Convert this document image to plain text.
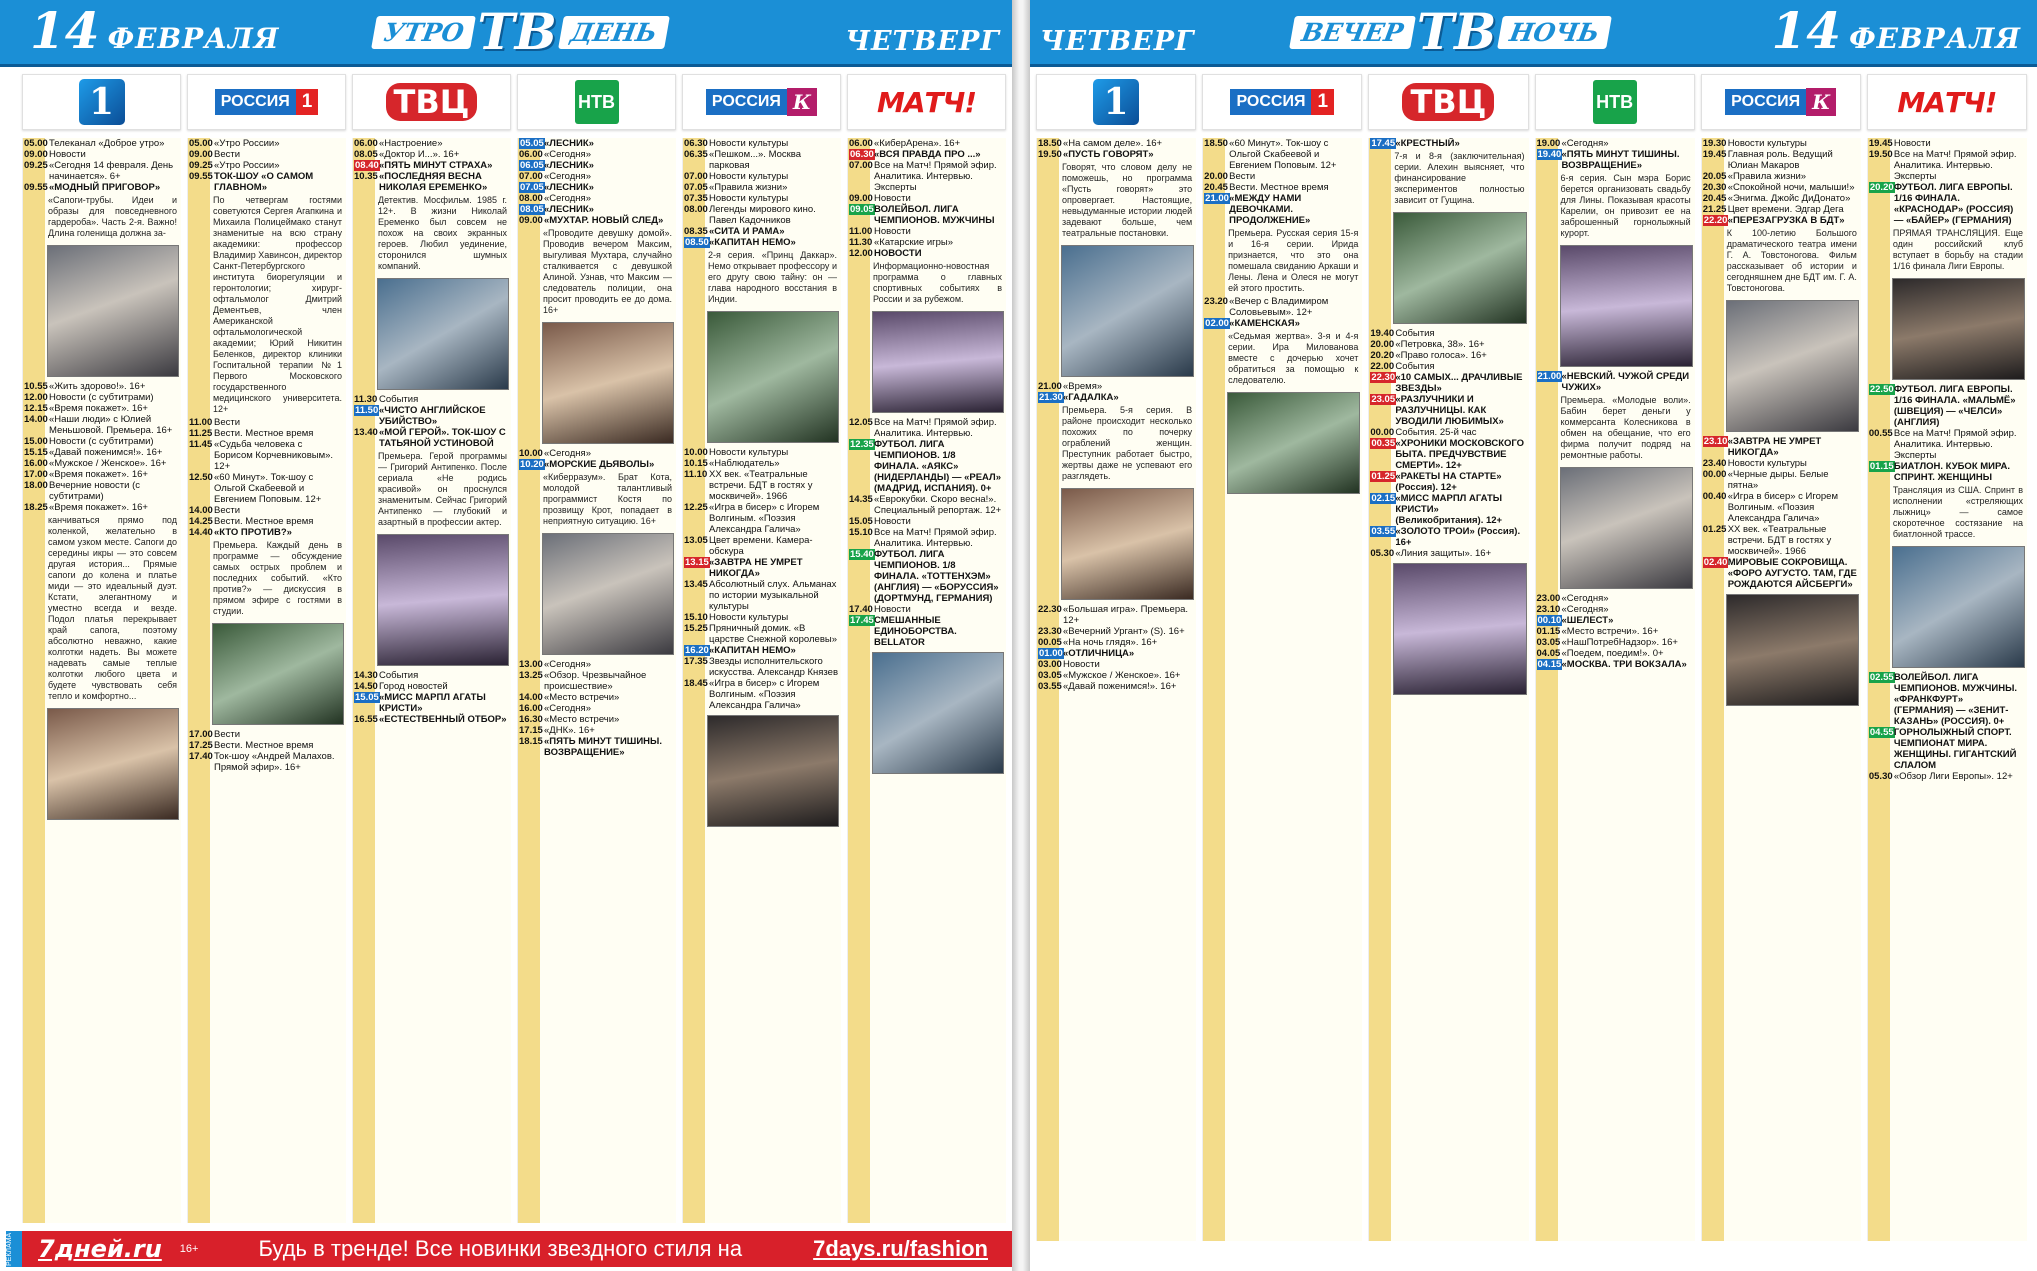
14 ФЕВРАЛЯ	УТРО TB ДЕНЬ	ЧЕТВЕРГ
1	РОССИЯ 1	ТВЦ	НТВ	РОССИЯ К МАТЧ!
05.00 Телеканал «Доброе утро»
09.00 Новости
09.25 «Сегодня 14 февраля. День начинается». 6+
09.55 «МОДНЫЙ ПРИГОВОР»
«Сапоги-трубы. Идеи и образы для повседневного гардероба». Часть 2-я. Важно! Длина голенища должна за-
10.55 «Жить здорово!». 16+
12.00 Новости (с субтитрами)
12.15 «Время покажет». 16+
14.00 «Наши люди» с Юлией Меньшовой. Премьера. 16+
15.00 Новости (с субтитрами)
15.15 «Давай поженимся!». 16+
16.00 «Мужское / Женское». 16+
17.00 «Время покажет». 16+
18.00 Вечерние новости (с субтитрами)
18.25 «Время покажет». 16+
канчиваться прямо под коленкой, желательно в самом узком месте. Сапоги до середины икры — это совсем другая история... Прямые сапоги до колена и платье миди — это идеальный дуэт. Кстати, элегантному и уместно всегда и везде. Подол платья перекрывает край сапога, поэтому абсолютно неважно, какие колготки надеть. Вы можете надевать самые теплые колготки любого цвета и будете чувствовать себя тепло и комфортно...
05.00 «Утро России»
09.00 Вести
09.25 «Утро России»
09.55 ТОК-ШОУ «О САМОМ ГЛАВНОМ»
По четвергам гостями советуются Сергея Агапкина и Михаила Полицеймако станут знаменитые на всю страну академики: профессор Владимир Хавинсон, директор Санкт-Петербургского института биорегуляции и геронтологии; хирург-офтальмолог Дмитрий Дементьев, член Американской офтальмологической академии; Юрий Никитин Беленков, директор клиники Госпитальной терапии №1 Первого Московского государственного медицинского университета. 12+
11.00 Вести
11.25 Вести. Местное время
11.45 «Судьба человека с Борисом Корчевниковым». 12+
12.50 «60 Минут». Ток-шоу с Ольгой Скабеевой и Евгением Поповым. 12+
14.00 Вести
14.25 Вести. Местное время
14.40 «КТО ПРОТИВ?»
Премьера. Каждый день в программе — обсуждение самых острых проблем и последних событий. «Кто против?» — дискуссия в прямом эфире с гостями в студии.
17.00 Вести
17.25 Вести. Местное время
17.40 Ток-шоу «Андрей Малахов. Прямой эфир». 16+
06.00 «Настроение»
08.05 «Доктор И...». 16+
08.40 «ПЯТЬ МИНУТ СТРАХА»
10.35 «ПОСЛЕДНЯЯ ВЕСНА НИКОЛАЯ ЕРЕМЕНКО»
Детектив. Мосфильм. 1985 г. 12+. В жизни Николай Еременко был совсем не похож на своих экранных героев. Любил уединение, сторонился шумных компаний.
11.30 События
11.50 «ЧИСТО АНГЛИЙСКОЕ УБИЙСТВО»
13.40 «МОЙ ГЕРОЙ». ТОК-ШОУ С ТАТЬЯНОЙ УСТИНОВОЙ
Премьера. Герой программы — Григорий Антипенко. После сериала «Не родись красивой» он проснулся знаменитым. Сейчас Григорий Антипенко — глубокий и азартный в профессии актер.
14.30 События
14.50 Город новостей
15.05 «МИСС МАРПЛ АГАТЫ КРИСТИ»
16.55 «ЕСТЕСТВЕННЫЙ ОТБОР»
05.05 «ЛЕСНИК»
06.00 «Сегодня»
06.05 «ЛЕСНИК»
07.00 «Сегодня»
07.05 «ЛЕСНИК»
08.00 «Сегодня»
08.05 «ЛЕСНИК»
09.00 «МУХТАР. НОВЫЙ СЛЕД»
«Проводите девушку домой». Проводив вечером Максим, выгуливая Мухтара, случайно сталкивается с девушкой Алиной. Узнав, что Максим — следователь полиции, она просит проводить ее до дома. 16+
10.00 «Сегодня»
10.20 «МОРСКИЕ ДЬЯВОЛЫ»
«Киберразум». Брат Кота, молодой талантливый программист Костя по прозвищу Крот, попадает в неприятную ситуацию. 16+
13.00 «Сегодня»
13.25 «Обзор. Чрезвычайное происшествие»
14.00 «Место встречи»
16.00 «Сегодня»
16.30 «Место встречи»
17.15 «ДНК». 16+
18.15 «ПЯТЬ МИНУТ ТИШИНЫ. ВОЗВРАЩЕНИЕ»
06.30 Новости культуры
06.35 «Пешком...». Москва парковая
07.00 Новости культуры
07.05 «Правила жизни»
07.35 Новости культуры
08.00 Легенды мирового кино. Павел Кадочников
08.35 «СИТА И РАМА»
08.50 «КАПИТАН НЕМО»
2-я серия. «Принц Даккар». Немо открывает профессору и его другу свою тайну: он — глава народного восстания в Индии.
10.00 Новости культуры
10.15 «Наблюдатель»
11.10 ХX век. «Театральные встречи. БДТ в гостях у москвичей». 1966
12.25 «Игра в бисер» с Игорем Волгиным. «Поэзия Александра Галича»
13.05 Цвет времени. Камера-обскура
13.15 «ЗАВТРА НЕ УМРЕТ НИКОГДА»
13.45 Абсолютный слух. Альманах по истории музыкальной культуры
15.10 Новости культуры
15.25 Пряничный домик. «В царстве Снежной королевы»
16.20 «КАПИТАН НЕМО»
17.35 Звезды исполнительского искусства. Александр Князев
18.45 «Игра в бисер» с Игорем Волгиным. «Поэзия Александра Галича»
06.00 «КиберАрена». 16+
06.30 «ВСЯ ПРАВДА ПРО ...»
07.00 Все на Матч! Прямой эфир. Аналитика. Интервью. Эксперты
09.00 Новости
09.05 ВОЛЕЙБОЛ. ЛИГА ЧЕМПИОНОВ. МУЖЧИНЫ
11.00 Новости
11.30 «Катарские игры»
12.00 НОВОСТИ
Информационно-новостная программа о главных спортивных событиях в России и за рубежом.
12.05 Все на Матч! Прямой эфир. Аналитика. Интервью.
12.35 ФУТБОЛ. ЛИГА ЧЕМПИОНОВ. 1/8 ФИНАЛА. «АЯКС» (НИДЕРЛАНДЫ) — «РЕАЛ» (МАДРИД, ИСПАНИЯ). 0+
14.35 «Еврокубки. Скоро весна!». Специальный репортаж. 12+
15.05 Новости
15.10 Все на Матч! Прямой эфир. Аналитика. Интервью.
15.40 ФУТБОЛ. ЛИГА ЧЕМПИОНОВ. 1/8 ФИНАЛА. «ТОТТЕНХЭМ» (АНГЛИЯ) — «БОРУССИЯ» (ДОРТМУНД, ГЕРМАНИЯ)
17.40 Новости
17.45 СМЕШАННЫЕ ЕДИНОБОРСТВА. BELLATOR
РЕКЛАМА	7дней.ru 16+	Будь в тренде! Все новинки звездного стиля на	7days.ru/fashion
ЧЕТВЕРГ	ВЕЧЕР TB НОЧЬ	14 ФЕВРАЛЯ
1	РОССИЯ 1	ТВЦ	НТВ	РОССИЯ К МАТЧ!
18.50 «На самом деле». 16+
19.50 «ПУСТЬ ГОВОРЯТ»
Говорят, что словом делу не поможешь, но программа «Пусть говорят» это опровергает. Настоящие, невыдуманные истории людей задевают больше, чем театральные постановки.
21.00 «Время»
21.30 «ГАДАЛКА»
Премьера. 5-я серия. В районе происходит несколько похожих по почерку ограблений женщин. Преступник работает быстро, жертвы даже не успевают его разглядеть.
22.30 «Большая игра». Премьера. 12+
23.30 «Вечерний Ургант» (S). 16+
00.05 «На ночь глядя». 16+
01.00 «ОТЛИЧНИЦА»
03.00 Новости
03.05 «Мужское / Женское». 16+
03.55 «Давай поженимся!». 16+
18.50 «60 Минут». Ток-шоу с Ольгой Скабеевой и Евгением Поповым. 12+
20.00 Вести
20.45 Вести. Местное время
21.00 «МЕЖДУ НАМИ ДЕВОЧКАМИ. ПРОДОЛЖЕНИЕ»
Премьера. Русская серия 15-я и 16-я серии. Ирида признается, что это она помешала свиданию Аркаши и Лены. Лена и Олеся не могут ей этого простить.
23.20 «Вечер с Владимиром Соловьевым». 12+
02.00 «КАМЕНСКАЯ»
«Седьмая жертва». 3-я и 4-я серии. Ира Милованова вместе с дочерью хочет обратиться за помощью к следователю.
17.45 «КРЕСТНЫЙ»
7-я и 8-я (заключительная) серии. Алехин выясняет, что финансирование экспериментов полностью зависит от Гущина.
19.40 События
20.00 «Петровка, 38». 16+
20.20 «Право голоса». 16+
22.00 События
22.30 «10 САМЫХ... ДРАЧЛИВЫЕ ЗВЕЗДЫ»
23.05 «РАЗЛУЧНИКИ И РАЗЛУЧНИЦЫ. КАК УВОДИЛИ ЛЮБИМЫХ»
00.00 События. 25-й час
00.35 «ХРОНИКИ МОСКОВСКОГО БЫТА. ПРЕДЧУВСТВИЕ СМЕРТИ». 12+
01.25 «РАКЕТЫ НА СТАРТЕ» (Россия). 12+
02.15 «МИСС МАРПЛ АГАТЫ КРИСТИ» (Великобритания). 12+
03.55 «ЗОЛОТО ТРОИ» (Россия). 16+
05.30 «Линия защиты». 16+
19.00 «Сегодня»
19.40 «ПЯТЬ МИНУТ ТИШИНЫ. ВОЗВРАЩЕНИЕ»
6-я серия. Сын мэра Борис берется организовать свадьбу для Лины. Показывая красоты Карелии, он привозит ее на заброшенный горнолыжный курорт.
21.00 «НЕВСКИЙ. ЧУЖОЙ СРЕДИ ЧУЖИХ»
Премьера. «Молодые воли». Бабин берет деньги у коммерсанта Колесникова в обмен на обещание, что его фирма получит подряд на ремонтные работы.
23.00 «Сегодня»
23.10 «Сегодня»
00.10 «ШЕЛЕСТ»
01.15 «Место встречи». 16+
03.05 «НашПотребНадзор». 16+
04.05 «Поедем, поедим!». 0+
04.15 «МОСКВА. ТРИ ВОКЗАЛА»
19.30 Новости культуры
19.45 Главная роль. Ведущий Юлиан Макаров
20.05 «Правила жизни»
20.30 «Спокойной ночи, малыши!»
20.45 «Энигма. Джойс ДиДонато»
21.25 Цвет времени. Эдгар Дега
22.20 «ПЕРЕЗАГРУЗКА В БДТ»
К 100-летию Большого драматического театра имени Г. А. Товстоногова. Фильм рассказывает об истории и сегодняшнем дне БДТ им. Г. А. Товстоногова.
23.10 «ЗАВТРА НЕ УМРЕТ НИКОГДА»
23.40 Новости культуры
00.00 «Черные дыры. Белые пятна»
00.40 «Игра в бисер» с Игорем Волгиным. «Поэзия Александра Галича»
01.25 ХX век. «Театральные встречи. БДТ в гостях у москвичей». 1966
02.40 МИРОВЫЕ СОКРОВИЩА. «ФОРО АУГУСТО. ТАМ, ГДЕ РОЖДАЮТСЯ АЙСБЕРГИ»
19.45 Новости
19.50 Все на Матч! Прямой эфир. Аналитика. Интервью. Эксперты
20.20 ФУТБОЛ. ЛИГА ЕВРОПЫ. 1/16 ФИНАЛА. «КРАСНОДАР» (РОССИЯ) — «БАЙЕР» (ГЕРМАНИЯ)
ПРЯМАЯ ТРАНСЛЯЦИЯ. Еще один российский клуб вступает в борьбу на стадии 1/16 финала Лиги Европы.
22.50 ФУТБОЛ. ЛИГА ЕВРОПЫ. 1/16 ФИНАЛА. «МАЛЬМЁ» (ШВЕЦИЯ) — «ЧЕЛСИ» (АНГЛИЯ)
00.55 Все на Матч! Прямой эфир. Аналитика. Интервью. Эксперты
01.15 БИАТЛОН. КУБОК МИРА. СПРИНТ. ЖЕНЩИНЫ
Трансляция из США. Спринт в исполнении «стреляющих лыжниц» — самое скоротечное состязание на биатлонной трассе.
02.55 ВОЛЕЙБОЛ. ЛИГА ЧЕМПИОНОВ. МУЖЧИНЫ. «ФРАНКФУРТ» (ГЕРМАНИЯ) — «ЗЕНИТ-КАЗАНЬ» (РОССИЯ). 0+
04.55 ГОРНОЛЫЖНЫЙ СПОРТ. ЧЕМПИОНАТ МИРА. ЖЕНЩИНЫ. ГИГАНТСКИЙ СЛАЛОМ
05.30 «Обзор Лиги Европы». 12+
